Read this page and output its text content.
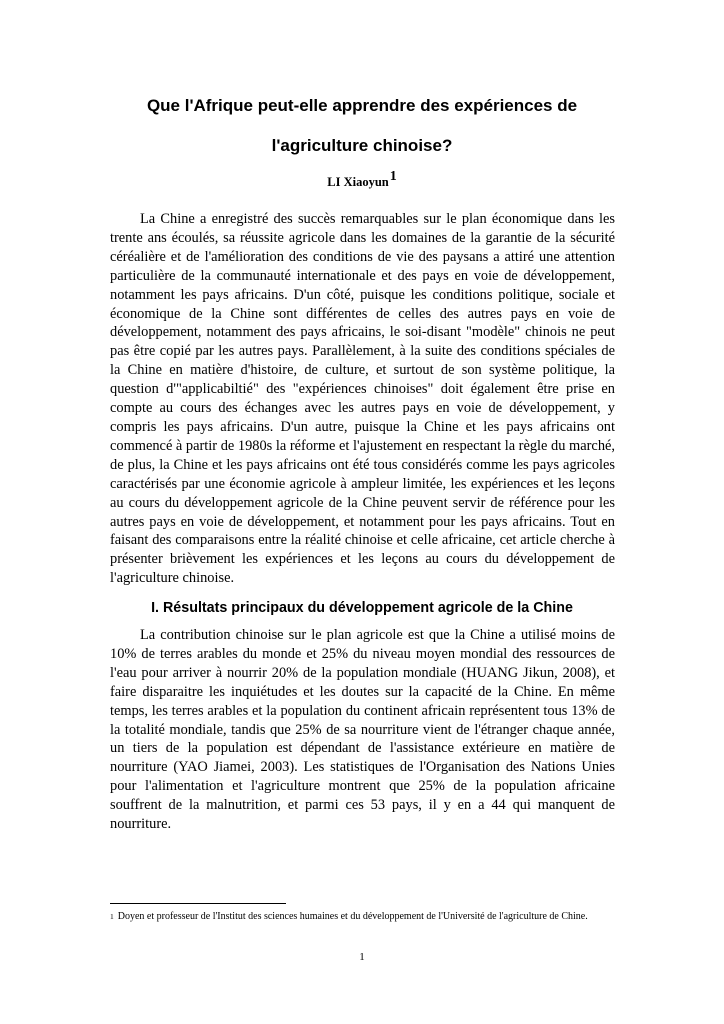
Que l'Afrique peut-elle apprendre des expériences de
l'agriculture chinoise?
LI Xiaoyun$^1$

La Chine a enregistré des succès remarquables sur le plan économique dans les trente ans écoulés, sa réussite agricole dans les domaines de la garantie de la sécurité céréalière et de l'amélioration des conditions de vie des paysans a attiré une attention particulière de la communauté internationale et des pays en voie de développement, notamment les pays africains. D'un côté, puisque les conditions politique, sociale et économique de la Chine sont différentes de celles des autres pays en voie de développement, notamment des pays africains, le soi-disant "modèle" chinois ne peut pas être copié par les autres pays. Parallèlement, à la suite des conditions spéciales de la Chine en matière d'histoire, de culture, et surtout de son système politique, la question d'"applicabiltié" des "expériences chinoises" doit également être prise en compte au cours des échanges avec les autres pays en voie de développement, y compris les pays africains. D'un autre, puisque la Chine et les pays africains ont commencé à partir de 1980s la réforme et l'ajustement en respectant la règle du marché, de plus, la Chine et les pays africains ont été tous considérés comme les pays agricoles caractérisés par une économie agricole à ampleur limitée, les expériences et les leçons au cours du développement agricole de la Chine peuvent servir de référence pour les autres pays en voie de développement, et notamment pour les pays africains. Tout en faisant des comparaisons entre la réalité chinoise et celle africaine, cet article cherche à présenter brièvement les expériences et les leçons au cours du développement de l'agriculture chinoise.

I. Résultats principaux du développement agricole de la Chine

La contribution chinoise sur le plan agricole est que la Chine a utilisé moins de 10% de terres arables du monde et 25% du niveau moyen mondial des ressources de l'eau pour arriver à nourrir 20% de la population mondiale (HUANG Jikun, 2008), et faire disparaitre les inquiétudes et les doutes sur la capacité de la Chine. En même temps, les terres arables et la population du continent africain représentent tous 13% de la totalité mondiale, tandis que 25% de sa nourriture vient de l'étranger chaque année, un tiers de la population est dépendant de l'assistance extérieure en matière de nourriture (YAO Jiamei, 2003). Les statistiques de l'Organisation des Nations Unies pour l'alimentation et l'agriculture montrent que 25% de la population africaine souffrent de la malnutrition, et parmi ces 53 pays, il y en a 44 qui manquent de nourriture.

$^1$ Doyen et professeur de l'Institut des sciences humaines et du développement de l'Université de l'agriculture de Chine.

1
